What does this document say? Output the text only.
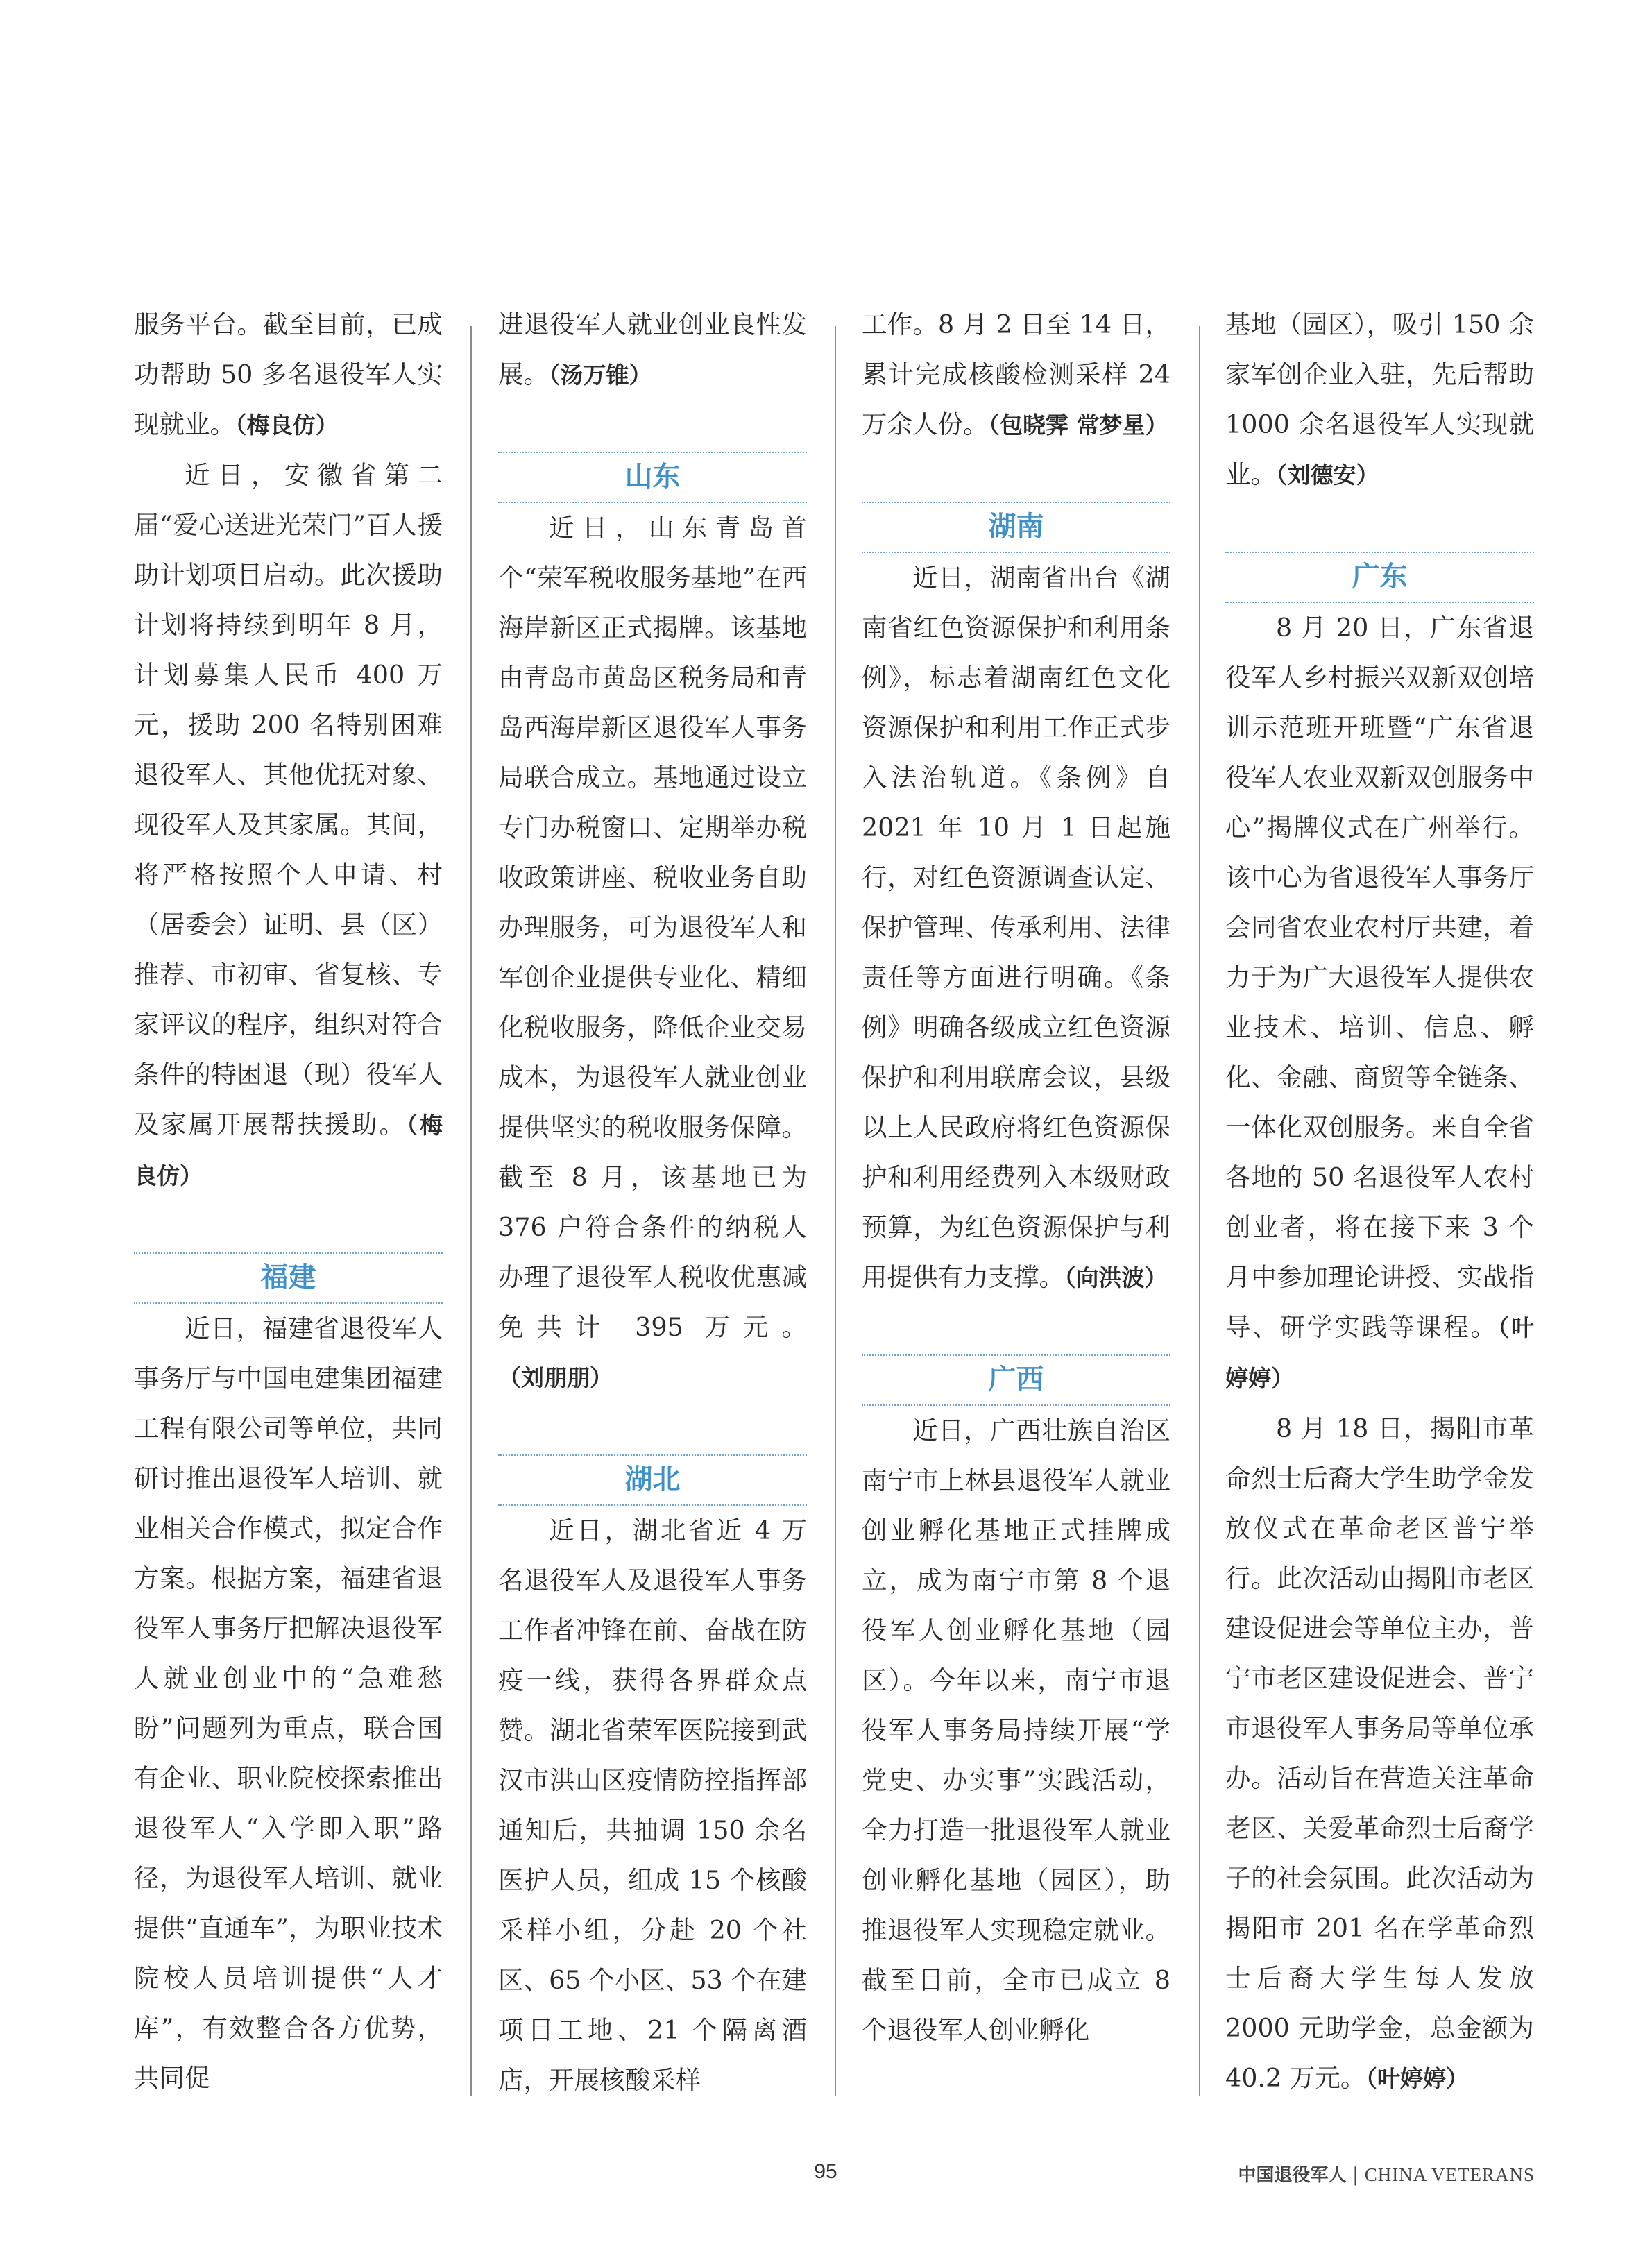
服务平台。截至目前，已成功帮助 50 多名退役军人实现就业。（梅良仿）

近日，安徽省第二届“爱心送进光荣门”百人援助计划项目启动。此次援助计划将持续到明年 8 月，计划募集人民币 400 万元，援助 200 名特别困难退役军人、其他优抚对象、现役军人及其家属。其间，将严格按照个人申请、村（居委会）证明、县（区）推荐、市初审、省复核、专家评议的程序，组织对符合条件的特困退（现）役军人及家属开展帮扶援助。（梅良仿）

福建

近日，福建省退役军人事务厅与中国电建集团福建工程有限公司等单位，共同研讨推出退役军人培训、就业相关合作模式，拟定合作方案。根据方案，福建省退役军人事务厅把解决退役军人就业创业中的“急难愁盼”问题列为重点，联合国有企业、职业院校探索推出退役军人“入学即入职”路径，为退役军人培训、就业提供“直通车”，为职业技术院校人员培训提供“人才库”，有效整合各方优势，共同促

进退役军人就业创业良性发展。（汤万锥）

山东

近日，山东青岛首个“荣军税收服务基地”在西海岸新区正式揭牌。该基地由青岛市黄岛区税务局和青岛西海岸新区退役军人事务局联合成立。基地通过设立专门办税窗口、定期举办税收政策讲座、税收业务自助办理服务，可为退役军人和军创企业提供专业化、精细化税收服务，降低企业交易成本，为退役军人就业创业提供坚实的税收服务保障。截至 8 月，该基地已为 376 户符合条件的纳税人办理了退役军人税收优惠减免共计 395 万元。（刘朋朋）

湖北

近日，湖北省近 4 万名退役军人及退役军人事务工作者冲锋在前、奋战在防疫一线，获得各界群众点赞。湖北省荣军医院接到武汉市洪山区疫情防控指挥部通知后，共抽调 150 余名医护人员，组成 15 个核酸采样小组，分赴 20 个社区、65 个小区、53 个在建项目工地、21 个隔离酒店，开展核酸采样

工作。8 月 2 日至 14 日，累计完成核酸检测采样 24 万余人份。（包晓霁 常梦星）

湖南

近日，湖南省出台《湖南省红色资源保护和利用条例》，标志着湖南红色文化资源保护和利用工作正式步入法治轨道。《条例》自 2021 年 10 月 1 日起施行，对红色资源调查认定、保护管理、传承利用、法律责任等方面进行明确。《条例》明确各级成立红色资源保护和利用联席会议，县级以上人民政府将红色资源保护和利用经费列入本级财政预算，为红色资源保护与利用提供有力支撑。（向洪波）

广西

近日，广西壮族自治区南宁市上林县退役军人就业创业孵化基地正式挂牌成立，成为南宁市第 8 个退役军人创业孵化基地（园区）。今年以来，南宁市退役军人事务局持续开展“学党史、办实事”实践活动，全力打造一批退役军人就业创业孵化基地（园区），助推退役军人实现稳定就业。截至目前，全市已成立 8 个退役军人创业孵化

基地（园区），吸引 150 余家军创企业入驻，先后帮助 1000 余名退役军人实现就业。（刘德安）

广东

8 月 20 日，广东省退役军人乡村振兴双新双创培训示范班开班暨“广东省退役军人农业双新双创服务中心”揭牌仪式在广州举行。该中心为省退役军人事务厅会同省农业农村厅共建，着力于为广大退役军人提供农业技术、培训、信息、孵化、金融、商贸等全链条、一体化双创服务。来自全省各地的 50 名退役军人农村创业者，将在接下来 3 个月中参加理论讲授、实战指导、研学实践等课程。（叶婷婷）

8 月 18 日，揭阳市革命烈士后裔大学生助学金发放仪式在革命老区普宁举行。此次活动由揭阳市老区建设促进会等单位主办，普宁市老区建设促进会、普宁市退役军人事务局等单位承办。活动旨在营造关注革命老区、关爱革命烈士后裔学子的社会氛围。此次活动为揭阳市 201 名在学革命烈士后裔大学生每人发放 2000 元助学金，总金额为 40.2 万元。（叶婷婷）

95	中国退役军人 | CHINA VETERANS
